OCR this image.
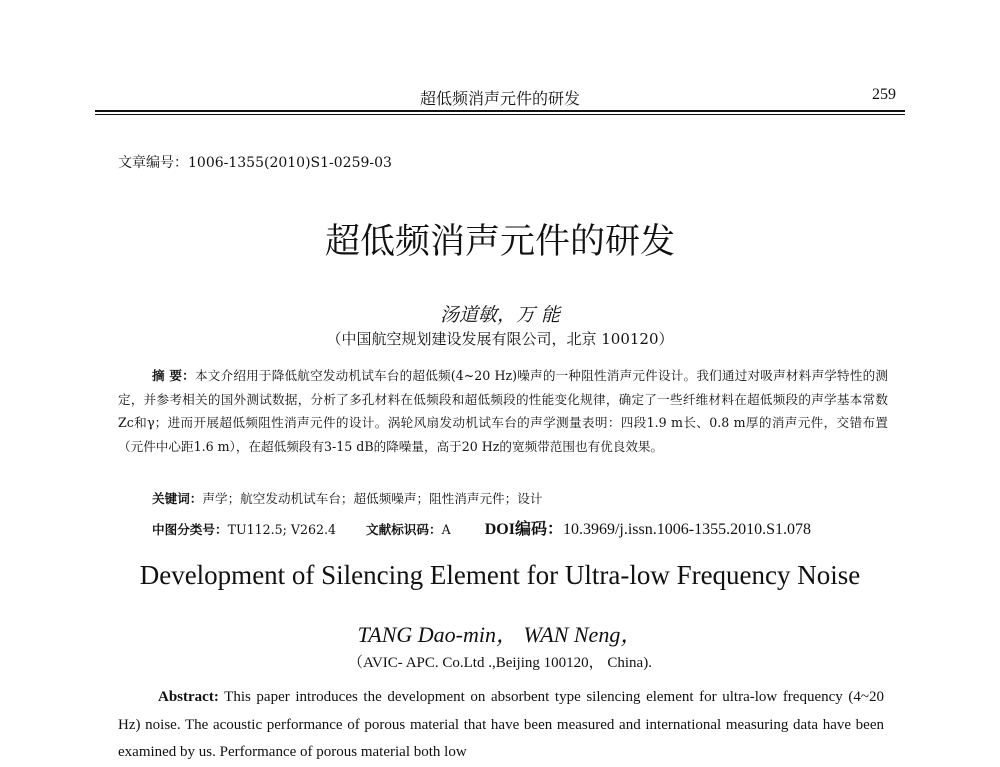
超低频消声元件的研发	259
文章编号：1006-1355(2010)S1-0259-03
超低频消声元件的研发
汤道敏，万 能
（中国航空规划建设发展有限公司，北京 100120）
摘 要：本文介绍用于降低航空发动机试车台的超低频(4~20 Hz)噪声的一种阻性消声元件设计。我们通过对吸声材料声学特性的测定，并参考相关的国外测试数据，分析了多孔材料在低频段和超低频段的性能变化规律，确定了一些纤维材料在超低频段的声学基本常数Zc和γ；进而开展超低频阻性消声元件的设计。涡轮风扇发动机试车台的声学测量表明：四段1.9 m长、0.8 m厚的消声元件，交错布置（元件中心距1.6 m），在超低频段有3-15 dB的降噪量，高于20 Hz的宽频带范围也有优良效果。
关键词：声学；航空发动机试车台；超低频噪声；阻性消声元件；设计
中图分类号：TU112.5; V262.4 文献标识码：A DOI编码：10.3969/j.issn.1006-1355.2010.S1.078
Development of Silencing Element for Ultra-low Frequency Noise
TANG Dao-min， WAN Neng，
（AVIC- APC. Co.Ltd .,Beijing 100120， China).
Abstract: This paper introduces the development on absorbent type silencing element for ultra-low frequency (4~20 Hz) noise. The acoustic performance of porous material that have been measured and international measuring data have been examined by us. Performance of porous material both low
